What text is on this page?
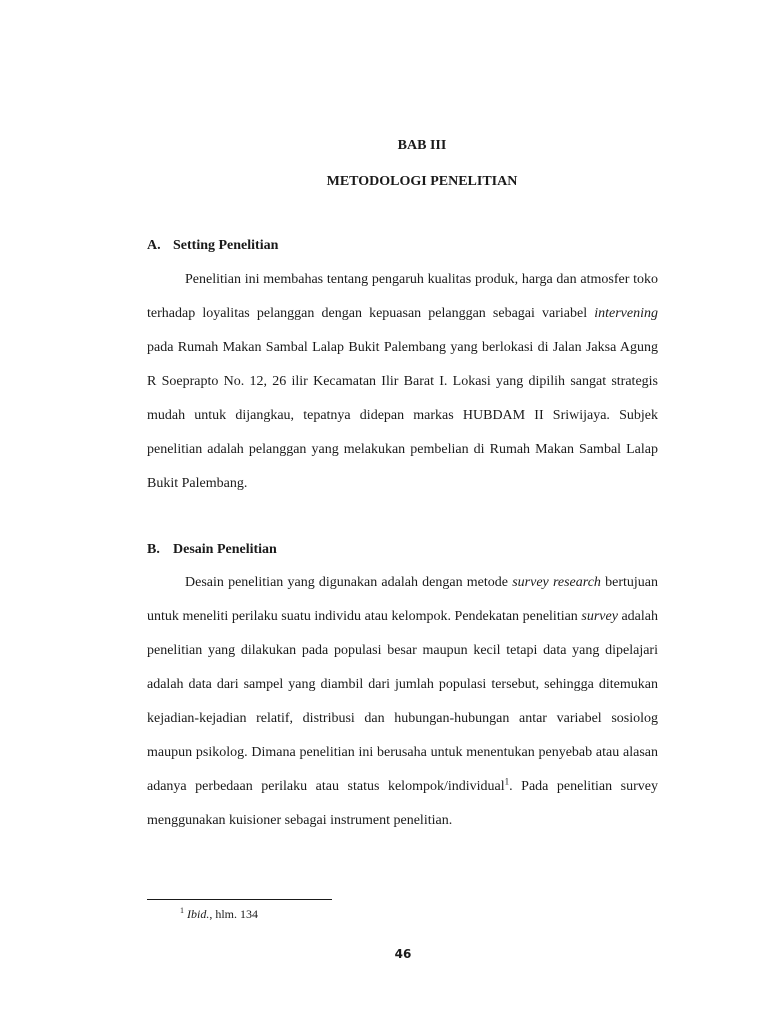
BAB III
METODOLOGI PENELITIAN
A. Setting Penelitian

Penelitian ini membahas tentang pengaruh kualitas produk, harga dan atmosfer toko terhadap loyalitas pelanggan dengan kepuasan pelanggan sebagai variabel intervening pada Rumah Makan Sambal Lalap Bukit Palembang yang berlokasi di Jalan Jaksa Agung R Soeprapto No. 12, 26 ilir Kecamatan Ilir Barat I. Lokasi yang dipilih sangat strategis mudah untuk dijangkau, tepatnya didepan markas HUBDAM II Sriwijaya. Subjek penelitian adalah pelanggan yang melakukan pembelian di Rumah Makan Sambal Lalap Bukit Palembang.

B. Desain Penelitian

Desain penelitian yang digunakan adalah dengan metode survey research bertujuan untuk meneliti perilaku suatu individu atau kelompok. Pendekatan penelitian survey adalah penelitian yang dilakukan pada populasi besar maupun kecil tetapi data yang dipelajari adalah data dari sampel yang diambil dari jumlah populasi tersebut, sehingga ditemukan kejadian-kejadian relatif, distribusi dan hubungan-hubungan antar variabel sosiolog maupun psikolog. Dimana penelitian ini berusaha untuk menentukan penyebab atau alasan adanya perbedaan perilaku atau status kelompok/individual$^1$. Pada penelitian survey menggunakan kuisioner sebagai instrument penelitian.

$^1$ Ibid., hlm. 134
46
